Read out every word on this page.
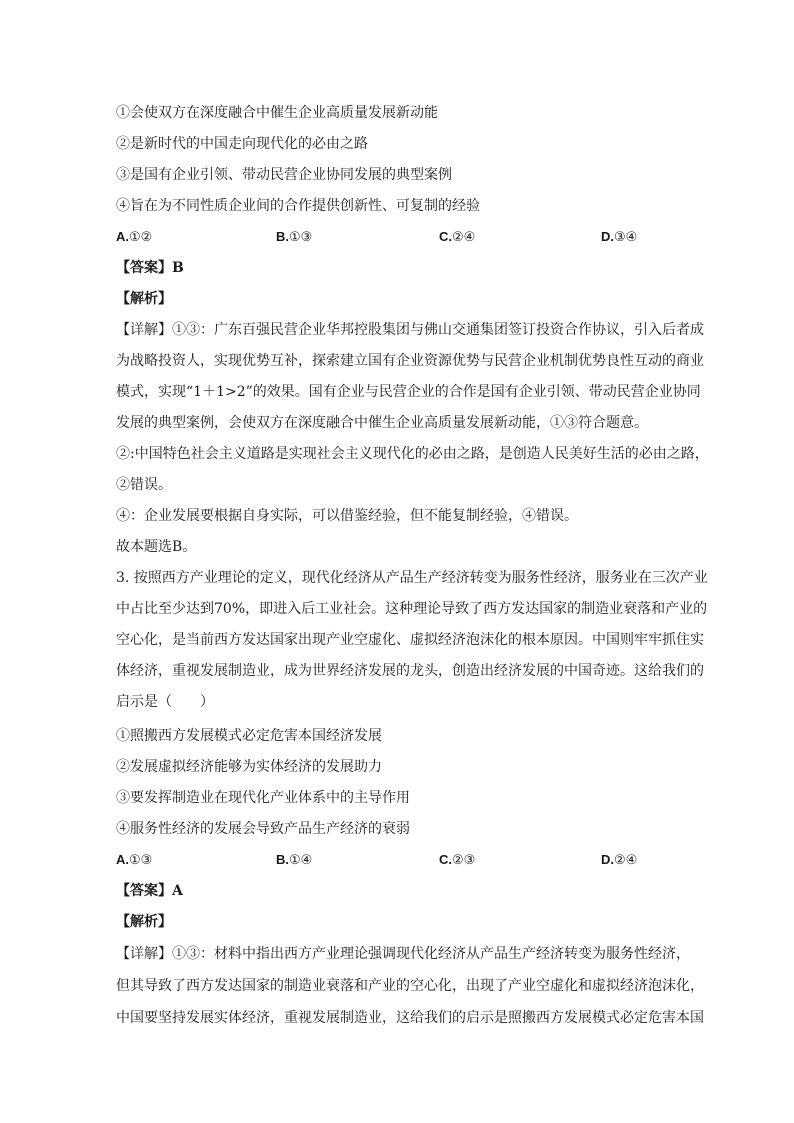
①会使双方在深度融合中催生企业高质量发展新动能
②是新时代的中国走向现代化的必由之路
③是国有企业引领、带动民营企业协同发展的典型案例
④旨在为不同性质企业间的合作提供创新性、可复制的经验
A.①②	B.①③	C.②④	D.③④
【答案】B
【解析】
【详解】①③：广东百强民营企业华邦控股集团与佛山交通集团签订投资合作协议，引入后者成
为战略投资人，实现优势互补，探索建立国有企业资源优势与民营企业机制优势良性互动的商业
模式，实现“1＋1>2”的效果。国有企业与民营企业的合作是国有企业引领、带动民营企业协同
发展的典型案例，会使双方在深度融合中催生企业高质量发展新动能，①③符合题意。
②:中国特色社会主义道路是实现社会主义现代化的必由之路，是创造人民美好生活的必由之路，
②错误。
④：企业发展要根据自身实际，可以借鉴经验，但不能复制经验，④错误。
故本题选B。
3. 按照西方产业理论的定义，现代化经济从产品生产经济转变为服务性经济，服务业在三次产业
中占比至少达到70%，即进入后工业社会。这种理论导致了西方发达国家的制造业衰落和产业的
空心化，是当前西方发达国家出现产业空虚化、虚拟经济泡沫化的根本原因。中国则牢牢抓住实
体经济，重视发展制造业，成为世界经济发展的龙头，创造出经济发展的中国奇迹。这给我们的
启示是（　　）
①照搬西方发展模式必定危害本国经济发展
②发展虚拟经济能够为实体经济的发展助力
③要发挥制造业在现代化产业体系中的主导作用
④服务性经济的发展会导致产品生产经济的衰弱
A.①③	B.①④	C.②③	D.②④
【答案】A
【解析】
【详解】①③：材料中指出西方产业理论强调现代化经济从产品生产经济转变为服务性经济，
但其导致了西方发达国家的制造业衰落和产业的空心化，出现了产业空虚化和虚拟经济泡沫化，
中国要坚持发展实体经济，重视发展制造业，这给我们的启示是照搬西方发展模式必定危害本国
